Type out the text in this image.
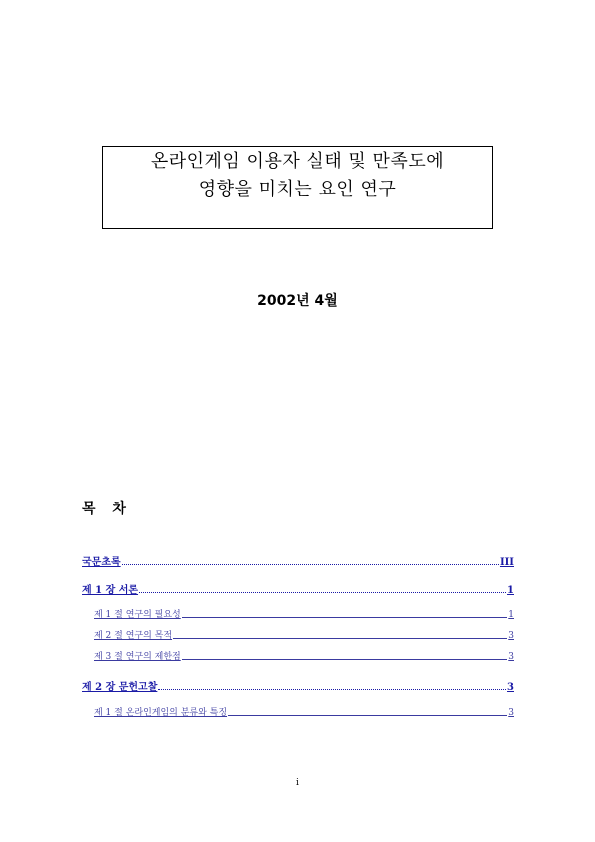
온라인게임 이용자 실태 및 만족도에
영향을 미치는 요인 연구
2002년 4월
목 차
국문초록	III
제 1 장 서론	1
제 1 절 연구의 필요성	1
제 2 절 연구의 목적	3
제 3 절 연구의 제한점	3
제 2 장 문헌고찰	3
제 1 절 온라인게임의 분류와 특징	3
i
